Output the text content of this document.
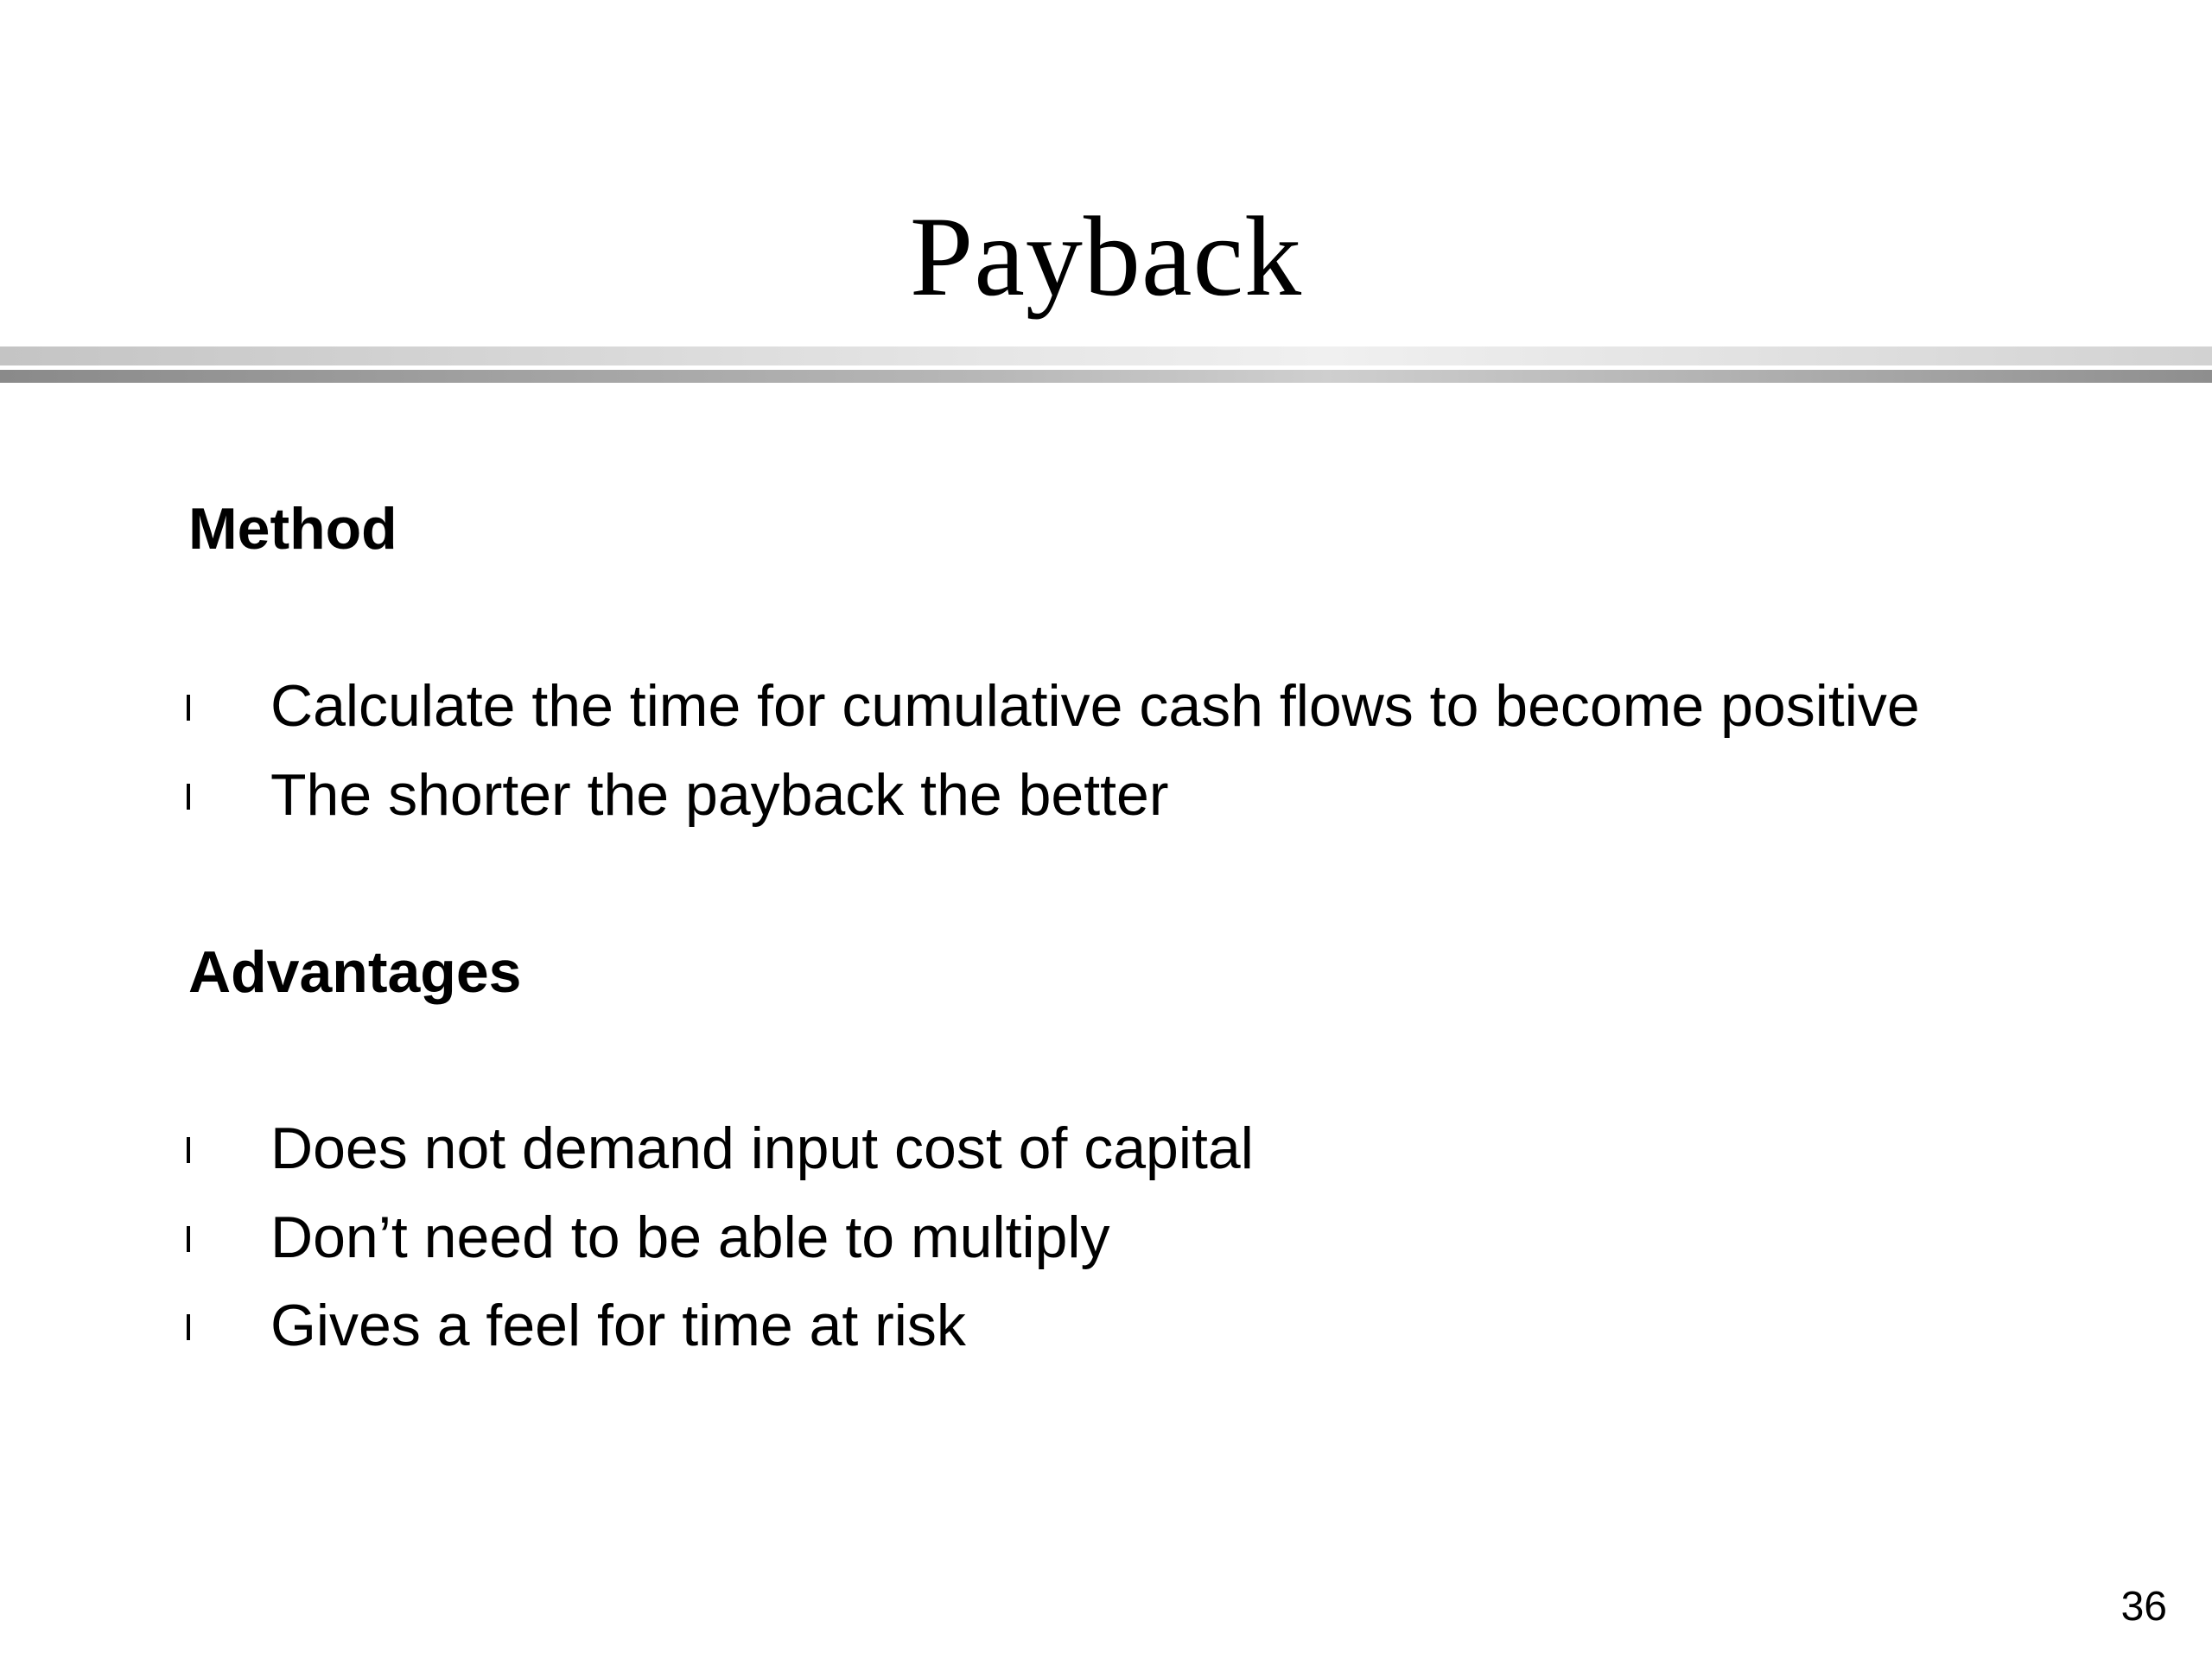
Payback
Method
Calculate the time for cumulative cash flows to become positive
The shorter the payback the better
Advantages
Does not demand input cost of capital
Don’t need to be able to multiply
Gives a feel for time at risk
36
